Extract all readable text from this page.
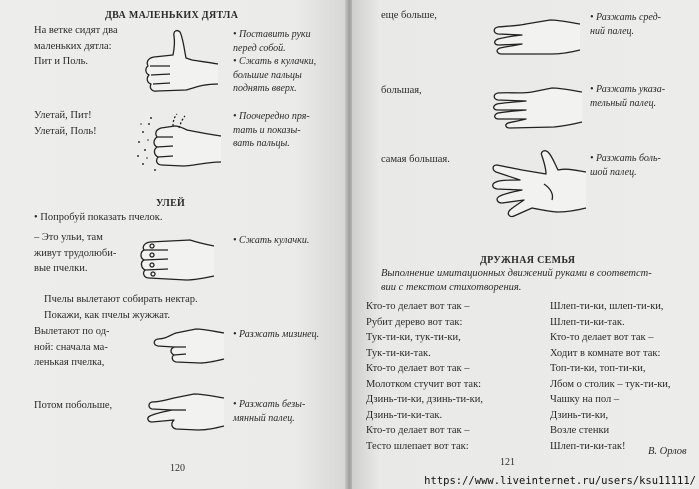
ДВА МАЛЕНЬКИХ ДЯТЛА
На ветке сидят два
маленьких дятла:
Пит и Поль.
• Поставить руки
перед собой.
• Сжать в кулачки,
большие пальцы
поднять вверх.
Улетай, Пит!
Улетай, Поль!
• Поочередно пря-
тать и показы-
вать пальцы.
УЛЕЙ
• Попробуй показать пчелок.
– Это ульи, там
живут трудолюби-
вые пчелки.
• Сжать кулачки.
Пчелы вылетают собирать нектар.
Покажи, как пчелы жужжат.
Вылетают по од-
ной: сначала ма-
ленькая пчелка,
• Разжать мизинец.
Потом побольше,	• Разжать безы-
мянный палец.
120
еще больше,	• Разжать сред-
ний палец.
большая,	• Разжать указа-
тельный палец.
самая большая.	• Разжать боль-
шой палец.
ДРУЖНАЯ СЕМЬЯ
Выполнение имитационных движений руками в соответст-
вии с текстом стихотворения.
Кто-то делает вот так –
Рубит дерево вот так:
Тук-ти-ки, тук-ти-ки,
Тук-ти-ки-так.
Кто-то делает вот так –
Молотком стучит вот так:
Дзинь-ти-ки, дзинь-ти-ки,
Дзинь-ти-ки-так.
Кто-то делает вот так –
Тесто шлепает вот так:
Шлеп-ти-ки, шлеп-ти-ки,
Шлеп-ти-ки-так.
Кто-то делает вот так –
Ходит в комнате вот так:
Топ-ти-ки, топ-ти-ки,
Лбом о столик – тук-ти-ки,
Чашку на пол –
Дзинь-ти-ки,
Возле стенки
Шлеп-ти-ки-так!	В. Орлов
121
https://www.liveinternet.ru/users/ksu11111/
